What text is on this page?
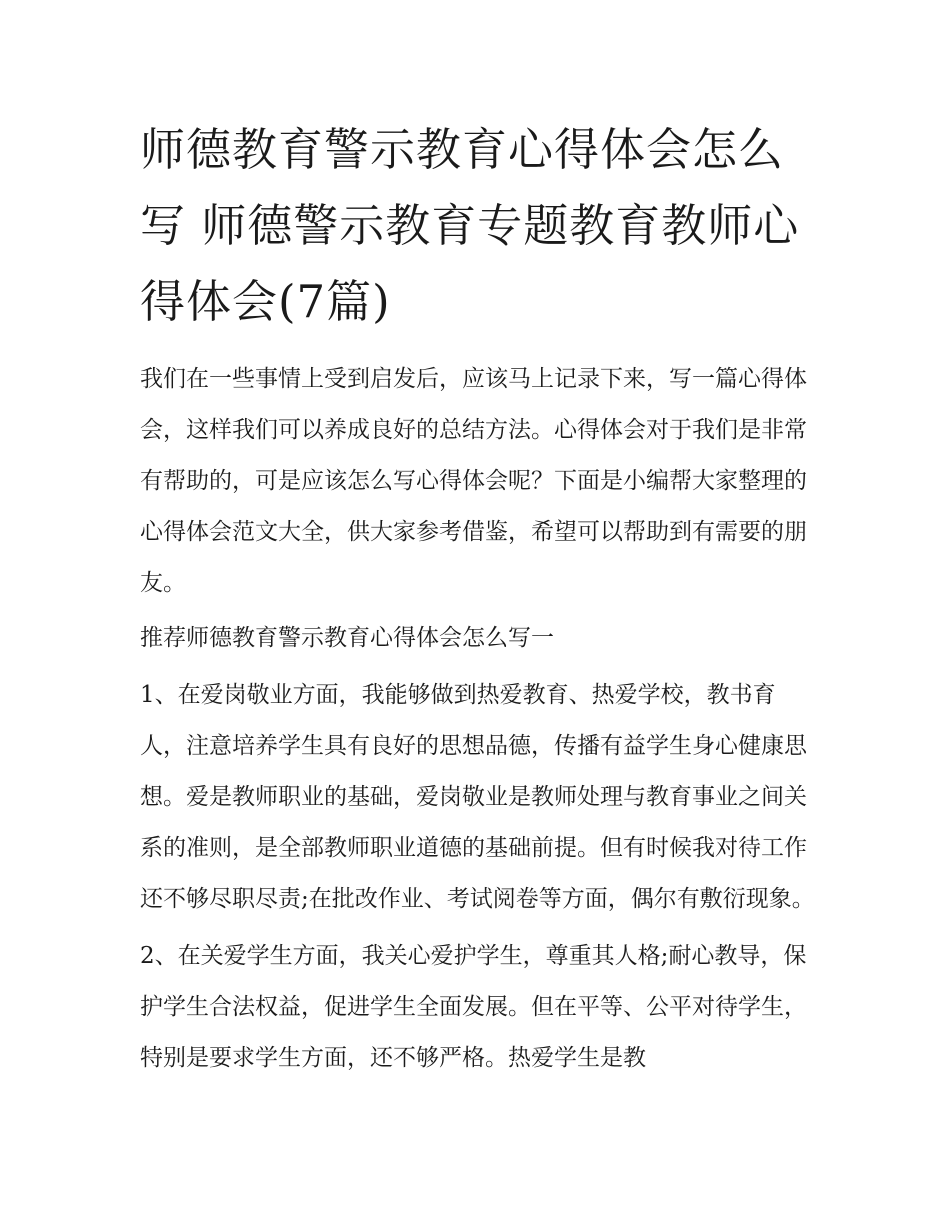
师德教育警示教育心得体会怎么写 师德警示教育专题教育教师心得体会(7篇)

我们在一些事情上受到启发后，应该马上记录下来，写一篇心得体会，这样我们可以养成良好的总结方法。心得体会对于我们是非常有帮助的，可是应该怎么写心得体会呢？下面是小编帮大家整理的心得体会范文大全，供大家参考借鉴，希望可以帮助到有需要的朋友。

推荐师德教育警示教育心得体会怎么写一

1、在爱岗敬业方面，我能够做到热爱教育、热爱学校，教书育人，注意培养学生具有良好的思想品德，传播有益学生身心健康思想。爱是教师职业的基础，爱岗敬业是教师处理与教育事业之间关系的准则，是全部教师职业道德的基础前提。但有时候我对待工作还不够尽职尽责;在批改作业、考试阅卷等方面，偶尔有敷衍现象。

2、在关爱学生方面，我关心爱护学生，尊重其人格;耐心教导，保护学生合法权益，促进学生全面发展。但在平等、公平对待学生，特别是要求学生方面，还不够严格。热爱学生是教
